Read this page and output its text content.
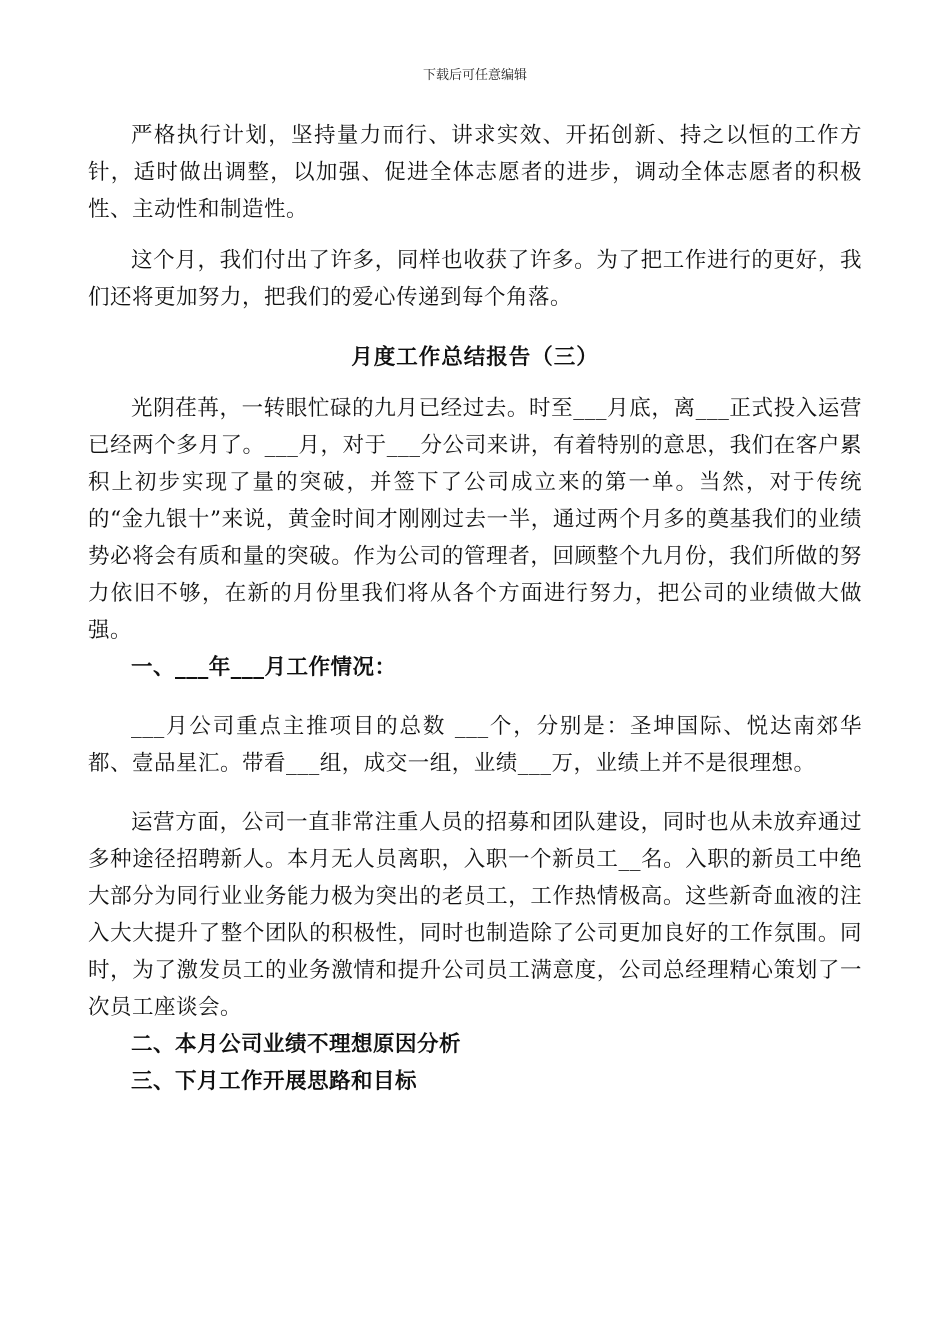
下载后可任意编辑

严格执行计划，坚持量力而行、讲求实效、开拓创新、持之以恒的工作方针，适时做出调整，以加强、促进全体志愿者的进步，调动全体志愿者的积极性、主动性和制造性。

这个月，我们付出了许多，同样也收获了许多。为了把工作进行的更好，我们还将更加努力，把我们的爱心传递到每个角落。

月度工作总结报告（三）

光阴荏苒，一转眼忙碌的九月已经过去。时至___月底，离___正式投入运营已经两个多月了。___月，对于___分公司来讲，有着特别的意思，我们在客户累积上初步实现了量的突破，并签下了公司成立来的第一单。当然，对于传统的“金九银十”来说，黄金时间才刚刚过去一半，通过两个月多的奠基我们的业绩势必将会有质和量的突破。作为公司的管理者，回顾整个九月份，我们所做的努力依旧不够，在新的月份里我们将从各个方面进行努力，把公司的业绩做大做强。

一、___年___月工作情况：

___月公司重点主推项目的总数 ___个，分别是：圣坤国际、悦达南郊华都、壹品星汇。带看___组，成交一组，业绩___万，业绩上并不是很理想。

运营方面，公司一直非常注重人员的招募和团队建设，同时也从未放弃通过多种途径招聘新人。本月无人员离职，入职一个新员工__名。入职的新员工中绝大部分为同行业业务能力极为突出的老员工，工作热情极高。这些新奇血液的注入大大提升了整个团队的积极性，同时也制造除了公司更加良好的工作氛围。同时，为了激发员工的业务激情和提升公司员工满意度，公司总经理精心策划了一次员工座谈会。

二、本月公司业绩不理想原因分析
三、下月工作开展思路和目标
